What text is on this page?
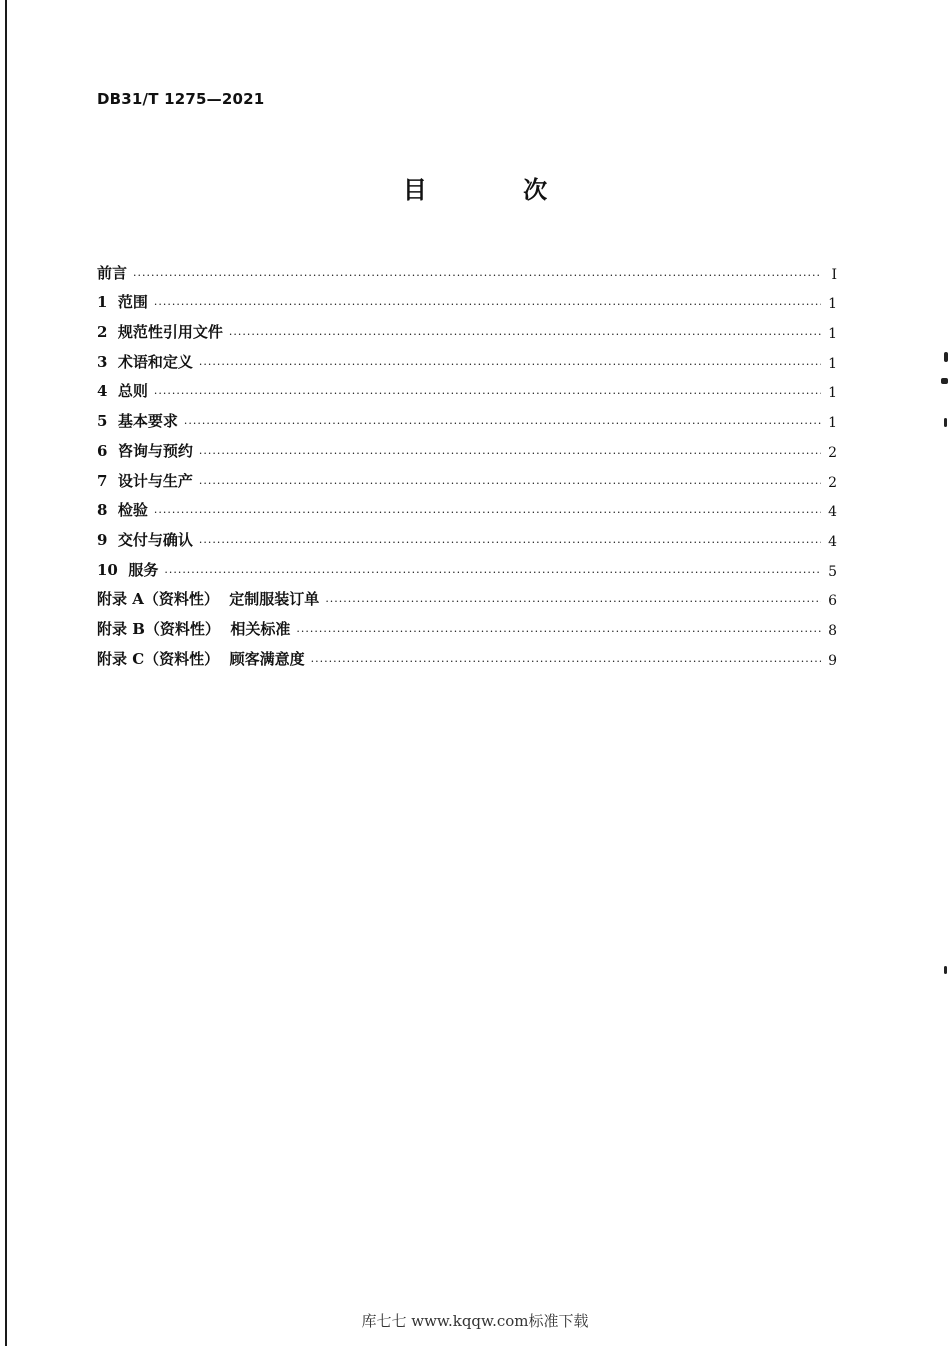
DB31/T 1275—2021
目 次
前言 ·····	I
1  范围 ·····	1
2  规范性引用文件 ·····	1
3  术语和定义 ·····	1
4  总则 ·····	1
5  基本要求 ·····	1
6  咨询与预约 ·····	2
7  设计与生产 ·····	2
8  检验 ·····	4
9  交付与确认 ·····	4
10  服务 ·····	5
附录 A（资料性）  定制服装订单 ·····	6
附录 B（资料性）  相关标准 ·····	8
附录 C（资料性）  顾客满意度 ·····	9
库七七 www.kqqw.com标准下载
